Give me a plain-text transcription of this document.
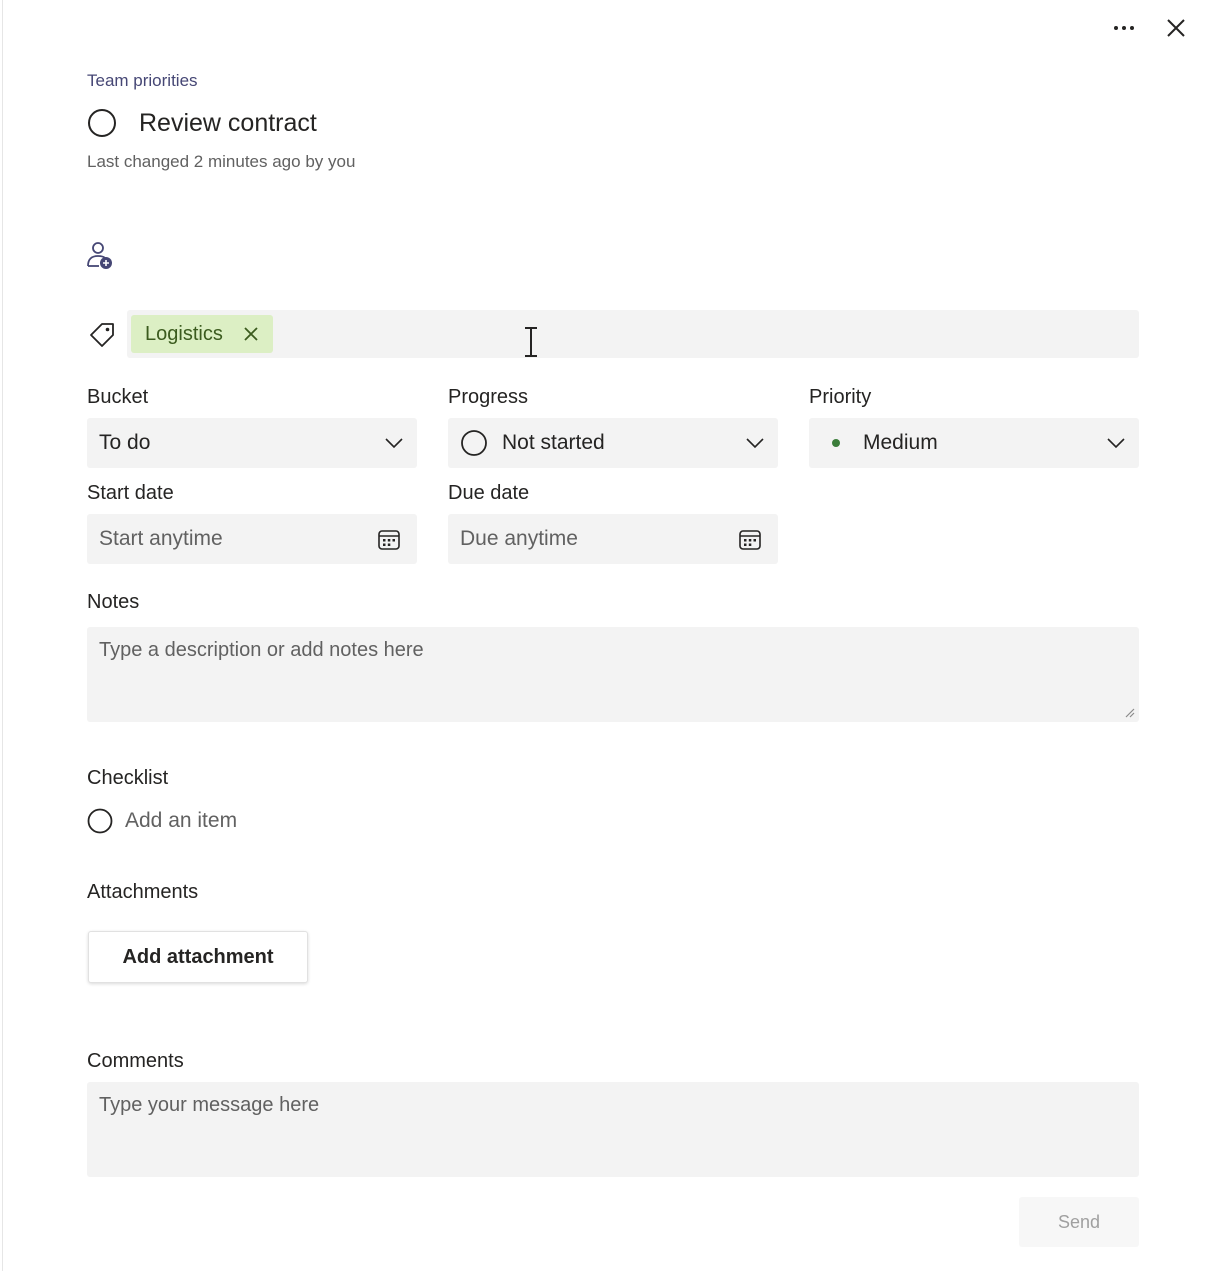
Team priorities
Review contract
Last changed 2 minutes ago by you
Logistics
Bucket	Progress	Priority
To do	Not started	Medium
Start date	Due date
Start anytime	Due anytime
Notes
Type a description or add notes here
Checklist
Add an item
Attachments
Add attachment
Comments
Type your message here
Send
